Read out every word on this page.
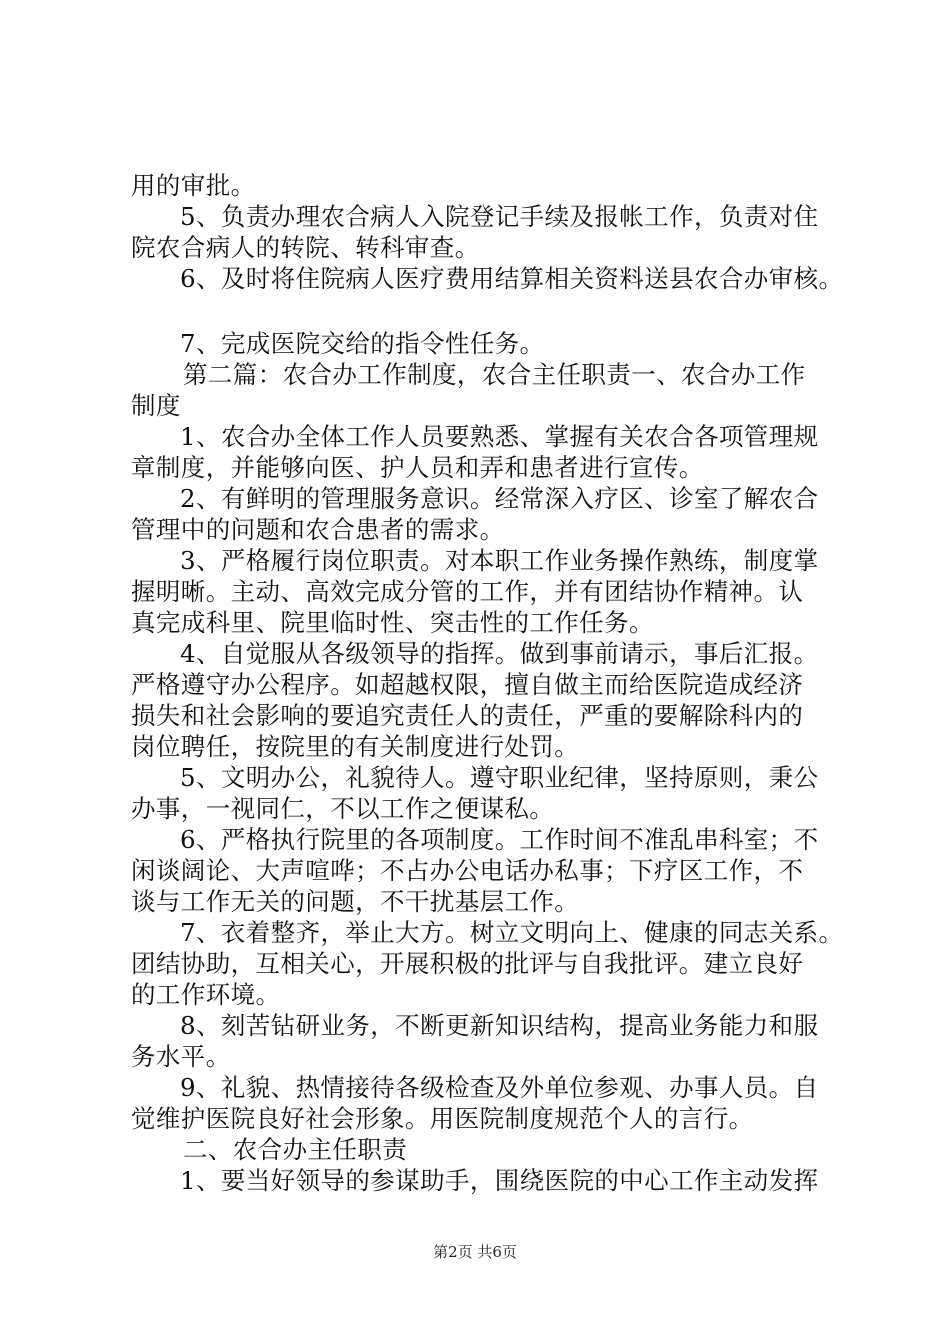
用的审批。
5、负责办理农合病人入院登记手续及报帐工作，负责对住
院农合病人的转院、转科审查。
6、及时将住院病人医疗费用结算相关资料送县农合办审核。
7、完成医院交给的指令性任务。
第二篇：农合办工作制度，农合主任职责一、农合办工作
制度
1、农合办全体工作人员要熟悉、掌握有关农合各项管理规
章制度，并能够向医、护人员和弄和患者进行宣传。
2、有鲜明的管理服务意识。经常深入疗区、诊室了解农合
管理中的问题和农合患者的需求。
3、严格履行岗位职责。对本职工作业务操作熟练，制度掌
握明晰。主动、高效完成分管的工作，并有团结协作精神。认
真完成科里、院里临时性、突击性的工作任务。
4、自觉服从各级领导的指挥。做到事前请示，事后汇报。
严格遵守办公程序。如超越权限，擅自做主而给医院造成经济
损失和社会影响的要追究责任人的责任，严重的要解除科内的
岗位聘任，按院里的有关制度进行处罚。
5、文明办公，礼貌待人。遵守职业纪律，坚持原则，秉公
办事，一视同仁，不以工作之便谋私。
6、严格执行院里的各项制度。工作时间不准乱串科室；不
闲谈阔论、大声喧哗；不占办公电话办私事；下疗区工作，不
谈与工作无关的问题，不干扰基层工作。
7、衣着整齐，举止大方。树立文明向上、健康的同志关系。
团结协助，互相关心，开展积极的批评与自我批评。建立良好
的工作环境。
8、刻苦钻研业务，不断更新知识结构，提高业务能力和服
务水平。
9、礼貌、热情接待各级检查及外单位参观、办事人员。自
觉维护医院良好社会形象。用医院制度规范个人的言行。
二、农合办主任职责
1、要当好领导的参谋助手，围绕医院的中心工作主动发挥
第2页 共6页
